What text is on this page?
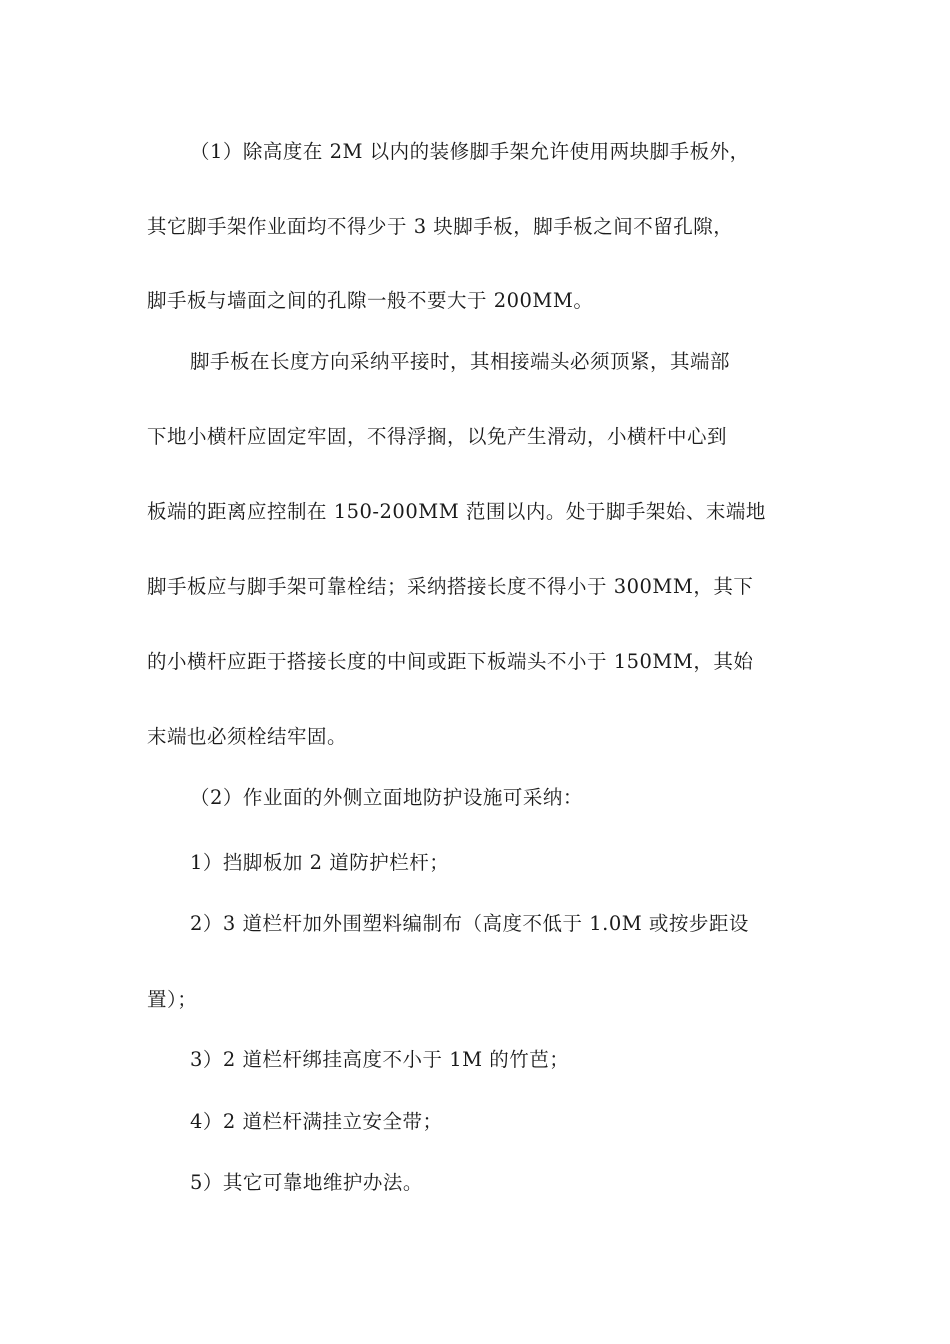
（1）除高度在 2M 以内的装修脚手架允许使用两块脚手板外，
其它脚手架作业面均不得少于 3 块脚手板，脚手板之间不留孔隙，
脚手板与墙面之间的孔隙一般不要大于 200MM。
脚手板在长度方向采纳平接时，其相接端头必须顶紧，其端部
下地小横杆应固定牢固，不得浮搁，以免产生滑动，小横杆中心到
板端的距离应控制在 150-200MM 范围以内。处于脚手架始、末端地
脚手板应与脚手架可靠栓结；采纳搭接长度不得小于 300MM，其下
的小横杆应距于搭接长度的中间或距下板端头不小于 150MM，其始
末端也必须栓结牢固。
（2）作业面的外侧立面地防护设施可采纳：
1）挡脚板加 2 道防护栏杆；
2）3 道栏杆加外围塑料编制布（高度不低于 1.0M 或按步距设
置）；
3）2 道栏杆绑挂高度不小于 1M 的竹芭；
4）2 道栏杆满挂立安全带；
5）其它可靠地维护办法。
